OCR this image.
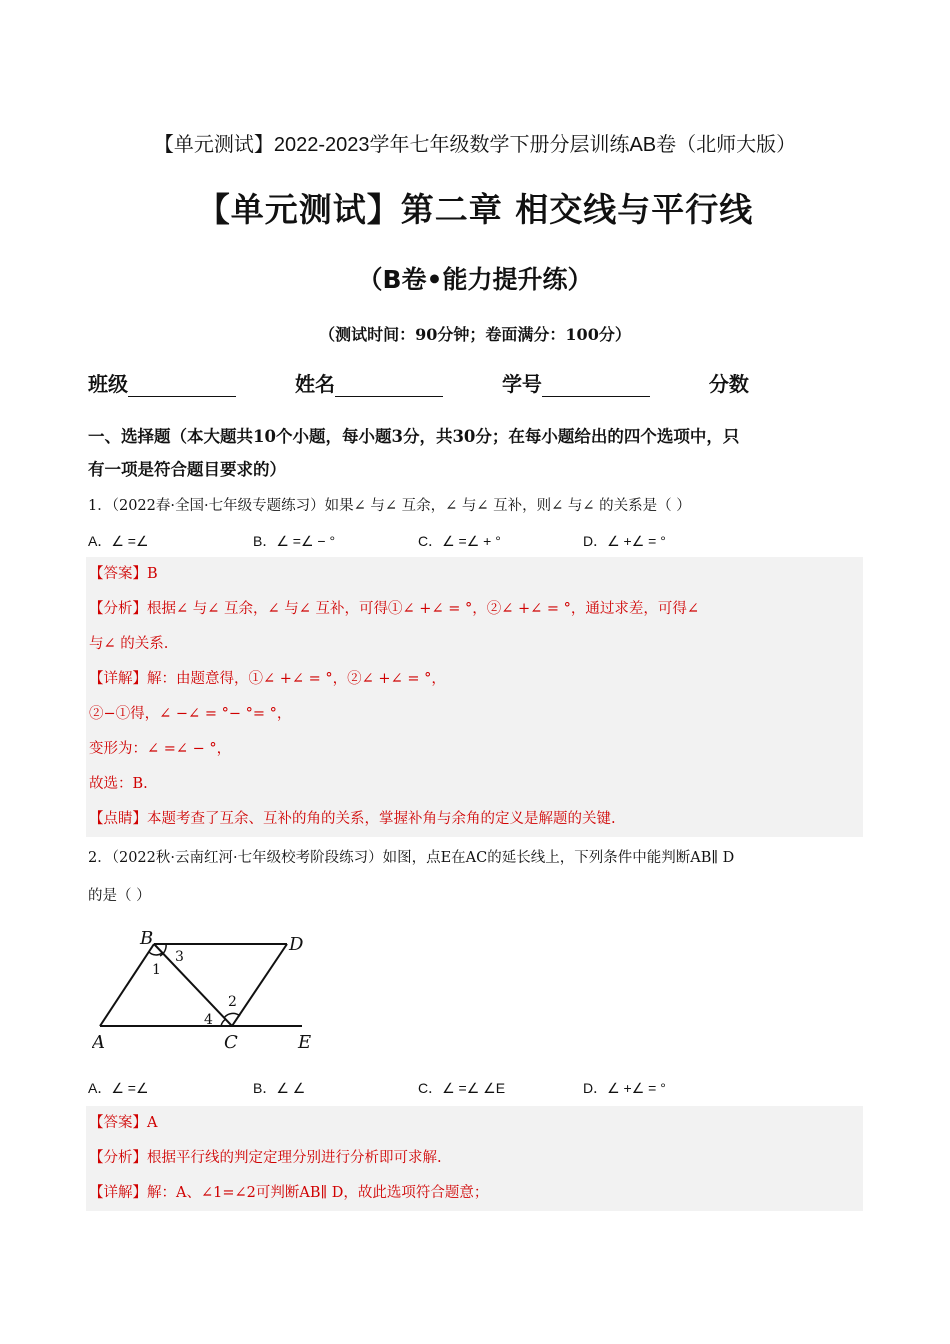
【单元测试】2022-2023学年七年级数学下册分层训练AB卷（北师大版）
【单元测试】第二章 相交线与平行线
（B卷•能力提升练）
（测试时间：90分钟；卷面满分：100分）
班级	姓名	学号	分数
一、选择题（本大题共10个小题，每小题3分，共30分；在每小题给出的四个选项中，只
有一项是符合题目要求的）
1．（2022春·全国·七年级专题练习）如果∠ 与∠ 互余，∠ 与∠ 互补，则∠ 与∠ 的关系是（ ）
A．∠ =∠	B．∠ =∠ − °	C．∠ =∠ + °	D．∠ +∠ = °
【答案】B
【分析】根据∠ 与∠ 互余，∠ 与∠ 互补，可得①∠ +∠ = °，②∠ +∠ = °，通过求差，可得∠
与∠ 的关系.
【详解】解：由题意得，①∠ +∠ = °，②∠ +∠ = °，
②−①得，∠ −∠ = °− °= °，
变形为：∠ =∠ − °，
故选：B.
【点睛】本题考查了互余、互补的角的关系，掌握补角与余角的定义是解题的关键.
2．（2022秋·云南红河·七年级校考阶段练习）如图，点E在AC的延长线上，下列条件中能判断AB∥ D
的是（ ）
B	D
A	C	E
1
3
2
4
A．∠ =∠	B．∠ ∠	C．∠ =∠ ∠E	D．∠ +∠ = °
【答案】A
【分析】根据平行线的判定定理分别进行分析即可求解.
【详解】解：A、∠1=∠2可判断AB∥ D，故此选项符合题意；
